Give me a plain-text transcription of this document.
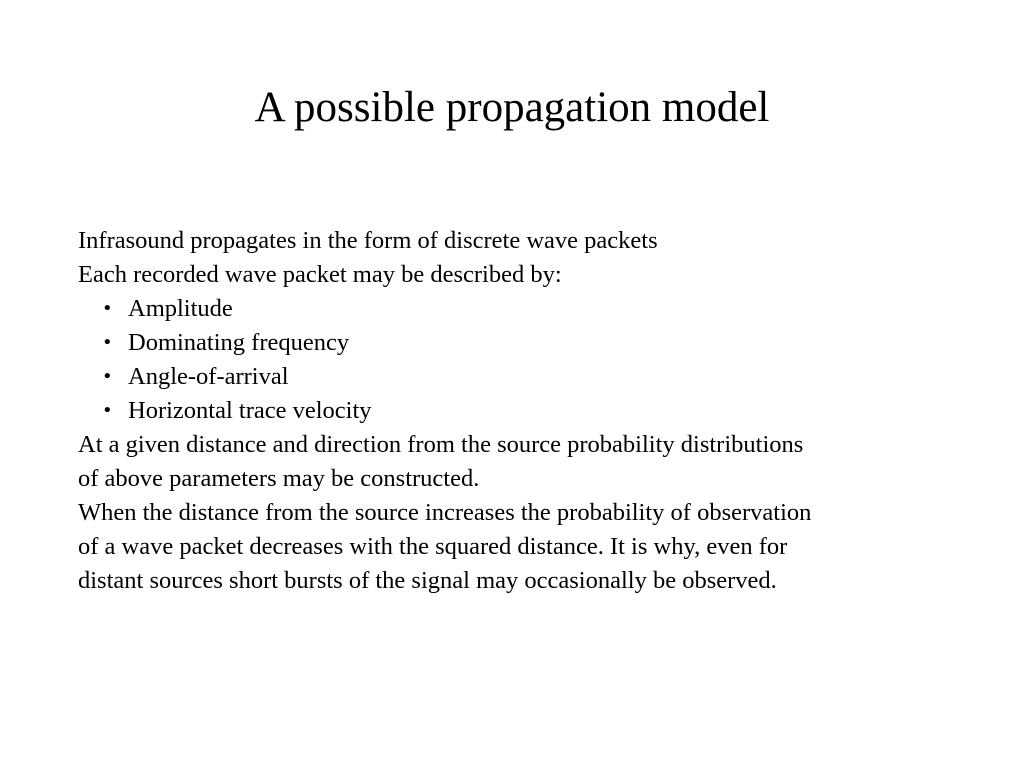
A possible propagation model
Infrasound propagates in the form of discrete wave packets
Each recorded wave packet may be described by:
• Amplitude
• Dominating frequency
• Angle-of-arrival
• Horizontal trace velocity
At a given distance and direction from the source probability distributions
of above parameters may be constructed.
When the distance from the source increases the probability of observation
of a wave packet decreases with the squared distance. It is why, even for
distant sources short bursts of the signal may occasionally be observed.
